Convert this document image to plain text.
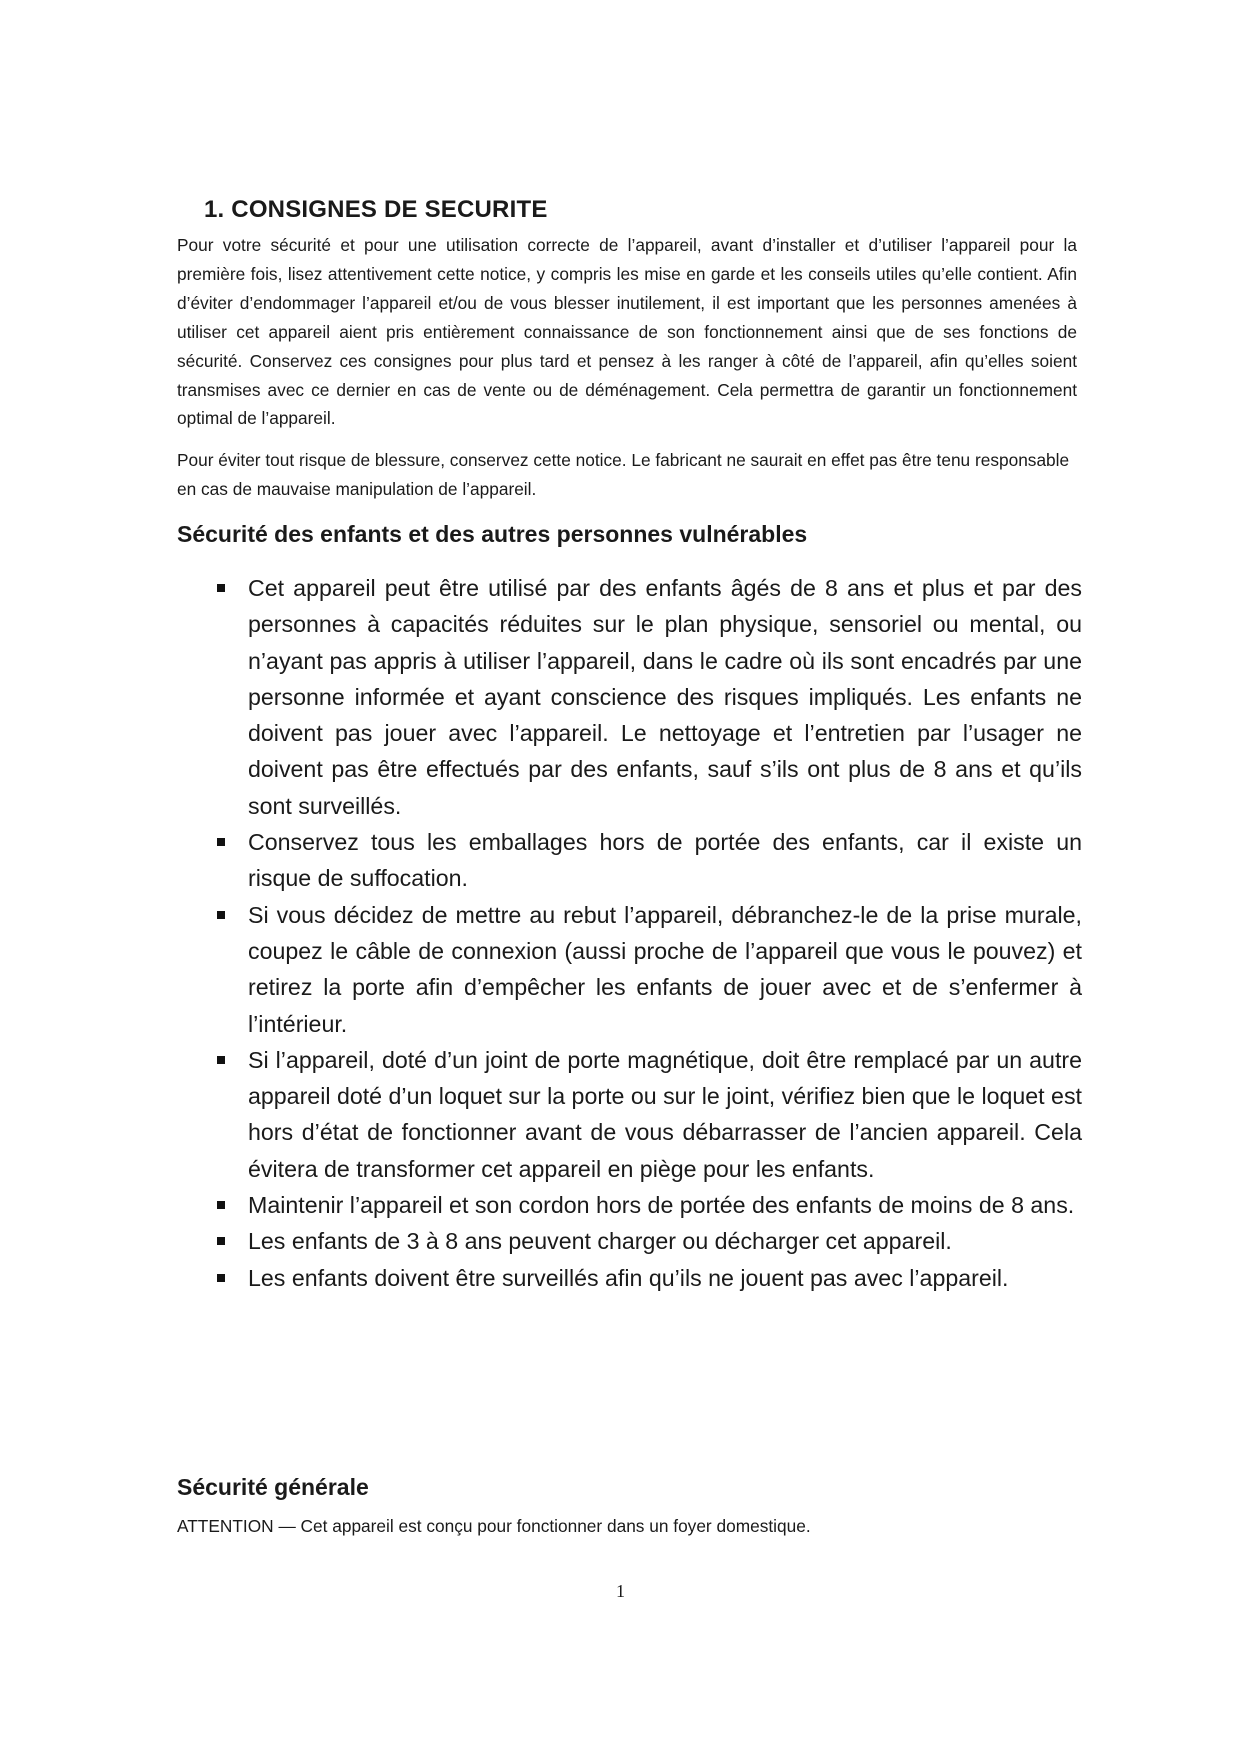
1. CONSIGNES DE SECURITE

Pour votre sécurité et pour une utilisation correcte de l’appareil, avant d’installer et d’utiliser l’appareil pour la première fois, lisez attentivement cette notice, y compris les mise en garde et les conseils utiles qu’elle contient. Afin d’éviter d’endommager l’appareil et/ou de vous blesser inutilement, il est important que les personnes amenées à utiliser cet appareil aient pris entièrement connaissance de son fonctionnement ainsi que de ses fonctions de sécurité. Conservez ces consignes pour plus tard et pensez à les ranger à côté de l’appareil, afin qu’elles soient transmises avec ce dernier en cas de vente ou de déménagement. Cela permettra de garantir un fonctionnement optimal de l’appareil.

Pour éviter tout risque de blessure, conservez cette notice. Le fabricant ne saurait en effet pas être tenu responsable en cas de mauvaise manipulation de l’appareil.

Sécurité des enfants et des autres personnes vulnérables
Cet appareil peut être utilisé par des enfants âgés de 8 ans et plus et par des personnes à capacités réduites sur le plan physique, sensoriel ou mental, ou n’ayant pas appris à utiliser l’appareil, dans le cadre où ils sont encadrés par une personne informée et ayant conscience des risques impliqués. Les enfants ne doivent pas jouer avec l’appareil. Le nettoyage et l’entretien par l’usager ne doivent pas être effectués par des enfants, sauf s’ils ont plus de 8 ans et qu’ils sont surveillés.
Conservez tous les emballages hors de portée des enfants, car il existe un risque de suffocation.
Si vous décidez de mettre au rebut l’appareil, débranchez-le de la prise murale, coupez le câble de connexion (aussi proche de l’appareil que vous le pouvez) et retirez la porte afin d’empêcher les enfants de jouer avec et de s’enfermer à l’intérieur.
Si l’appareil, doté d’un joint de porte magnétique, doit être remplacé par un autre appareil doté d’un loquet sur la porte ou sur le joint, vérifiez bien que le loquet est hors d’état de fonctionner avant de vous débarrasser de l’ancien appareil. Cela évitera de transformer cet appareil en piège pour les enfants.
Maintenir l’appareil et son cordon hors de portée des enfants de moins de 8 ans.
Les enfants de 3 à 8 ans peuvent charger ou décharger cet appareil.
Les enfants doivent être surveillés afin qu’ils ne jouent pas avec l’appareil.
Sécurité générale

ATTENTION — Cet appareil est conçu pour fonctionner dans un foyer domestique.

1
